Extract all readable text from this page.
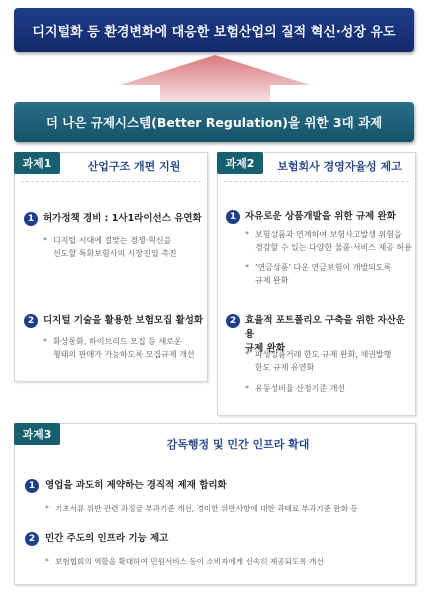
디지털화 등 환경변화에 대응한 보험산업의 질적 혁신·성장 유도
더 나은 규제시스템(Better Regulation)을 위한 3대 과제
과제1	산업구조 개편 지원
1 허가정책 경비 : 1사1라이선스 유연화
* 디지털 시대에 걸맞는 경쟁·혁신을
선도할 특화보험사의 시장진입 촉진
2 디지털 기술을 활용한 보험모집 활성화
* 화상통화, 하이브리드 모집 등 새로운
형태의 판매가 가능하도록 모집규제 개선
과제2	보험회사 경영자율성 제고
1 자유로운 상품개발을 위한 규제 완화
* 보험상품과 연계하여 보험사고발생 위험을
경감할 수 있는 다양한 물품·서비스 제공 허용
* ‘연금상품’ 다운 연금보험이 개발되도록
규제 완화
2 효율적 포트폴리오 구축을 위한 자산운용
규제 완화
* 파생상품거래 한도 규제 완화, 채권발행
한도 규제 유연화
* 유동성비율 산정기준 개선
과제3
감독행정 및 민간 인프라 확대
1	영업을 과도히 제약하는 경직적 제재 합리화
* 기초서류 위반 관련 과징금 부과기준 개선, 경미한 위반사항에 대한 과태료 부과기준 완화 등
2	민간 주도의 인프라 기능 제고
* 보험협회의 역할을 확대하여 민원서비스 등이 소비자에게 신속히 제공되도록 개선
